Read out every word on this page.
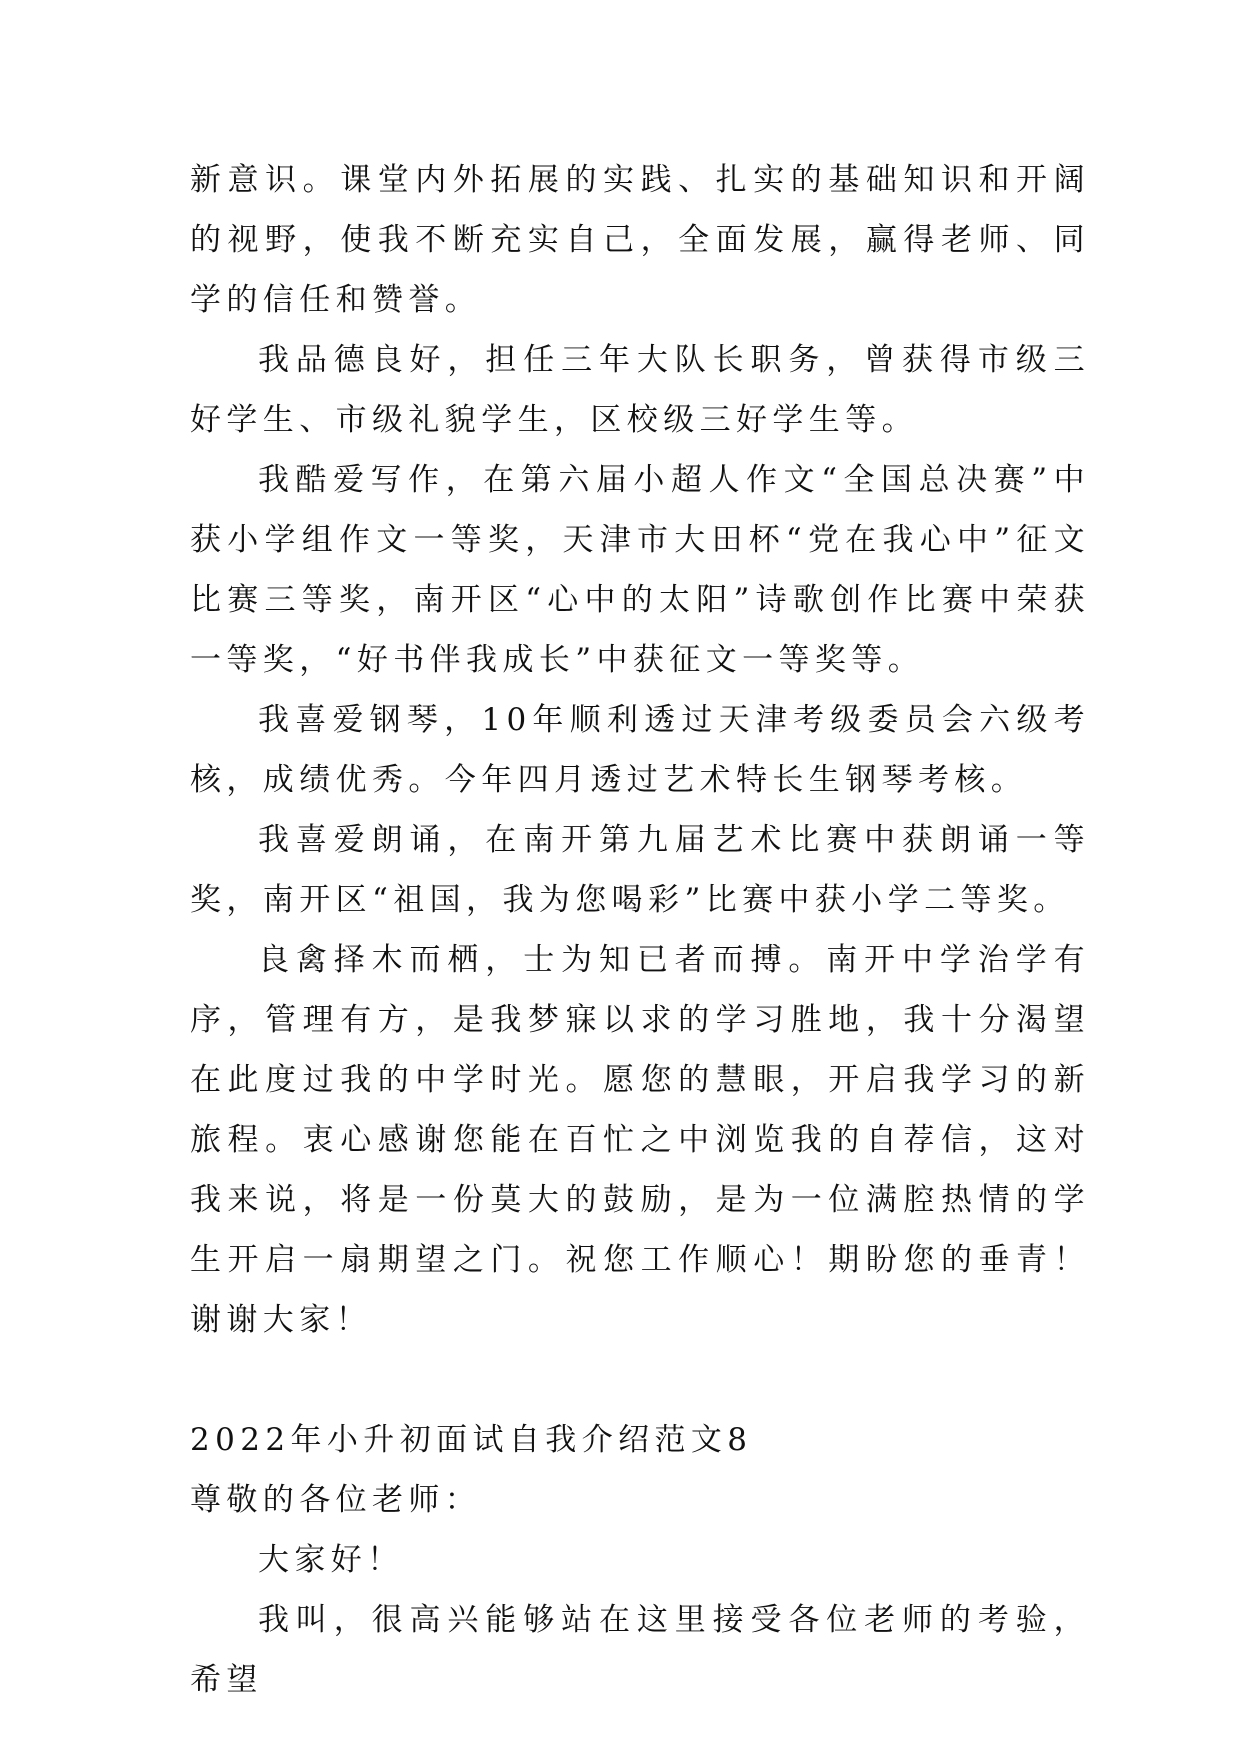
新意识。课堂内外拓展的实践、扎实的基础知识和开阔的视野，使我不断充实自己，全面发展，赢得老师、同学的信任和赞誉。

我品德良好，担任三年大队长职务，曾获得市级三好学生、市级礼貌学生，区校级三好学生等。

我酷爱写作，在第六届小超人作文“全国总决赛”中获小学组作文一等奖，天津市大田杯“党在我心中”征文比赛三等奖，南开区“心中的太阳”诗歌创作比赛中荣获一等奖，“好书伴我成长”中获征文一等奖等。

我喜爱钢琴，10年顺利透过天津考级委员会六级考核，成绩优秀。今年四月透过艺术特长生钢琴考核。

我喜爱朗诵，在南开第九届艺术比赛中获朗诵一等奖，南开区“祖国，我为您喝彩”比赛中获小学二等奖。

良禽择木而栖，士为知已者而搏。南开中学治学有序，管理有方，是我梦寐以求的学习胜地，我十分渴望在此度过我的中学时光。愿您的慧眼，开启我学习的新旅程。衷心感谢您能在百忙之中浏览我的自荐信，这对我来说，将是一份莫大的鼓励，是为一位满腔热情的学生开启一扇期望之门。祝您工作顺心！期盼您的垂青！谢谢大家！

2022年小升初面试自我介绍范文8

尊敬的各位老师：

大家好！

我叫，很高兴能够站在这里接受各位老师的考验，希望
